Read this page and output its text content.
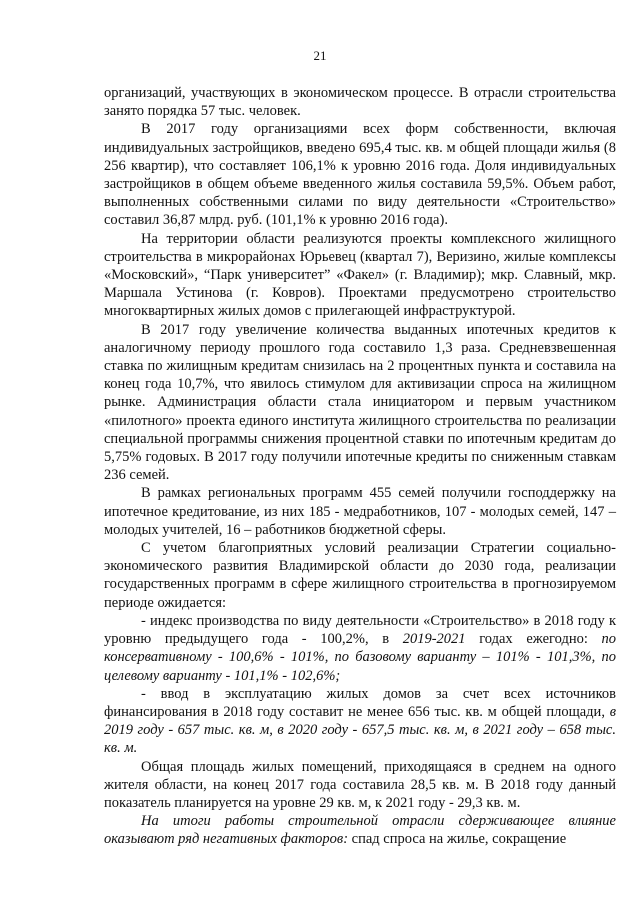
21

организаций, участвующих в экономическом процессе. В отрасли строительства занято порядка 57 тыс. человек.

В 2017 году организациями всех форм собственности, включая индивидуальных застройщиков, введено 695,4 тыс. кв. м общей площади жилья (8 256 квартир), что составляет 106,1% к уровню 2016 года. Доля индивидуальных застройщиков в общем объеме введенного жилья составила 59,5%. Объем работ, выполненных собственными силами по виду деятельности «Строительство» составил 36,87 млрд. руб. (101,1% к уровню 2016 года).

На территории области реализуются проекты комплексного жилищного строительства в микрорайонах Юрьевец (квартал 7), Веризино, жилые комплексы «Московский», “Парк университет” «Факел» (г. Владимир); мкр. Славный, мкр. Маршала Устинова (г. Ковров). Проектами предусмотрено строительство многоквартирных жилых домов с прилегающей инфраструктурой.

В 2017 году увеличение количества выданных ипотечных кредитов к аналогичному периоду прошлого года составило 1,3 раза. Средневзвешенная ставка по жилищным кредитам снизилась на 2 процентных пункта и составила на конец года 10,7%, что явилось стимулом для активизации спроса на жилищном рынке. Администрация области стала инициатором и первым участником «пилотного» проекта единого института жилищного строительства по реализации специальной программы снижения процентной ставки по ипотечным кредитам до 5,75% годовых. В 2017 году получили ипотечные кредиты по сниженным ставкам 236 семей.

В рамках региональных программ 455 семей получили господдержку на ипотечное кредитование, из них 185 - медработников, 107 - молодых семей, 147 – молодых учителей, 16 – работников бюджетной сферы.

С учетом благоприятных условий реализации Стратегии социально-экономического развития Владимирской области до 2030 года, реализации государственных программ в сфере жилищного строительства в прогнозируемом периоде ожидается:

- индекс производства по виду деятельности «Строительство» в 2018 году к уровню предыдущего года - 100,2%, в 2019-2021 годах ежегодно: по консервативному - 100,6% - 101%, по базовому варианту – 101% - 101,3%, по целевому варианту - 101,1% - 102,6%;

- ввод в эксплуатацию жилых домов за счет всех источников финансирования в 2018 году составит не менее 656 тыс. кв. м общей площади, в 2019 году - 657 тыс. кв. м, в 2020 году - 657,5 тыс. кв. м, в 2021 году – 658 тыс. кв. м.

Общая площадь жилых помещений, приходящаяся в среднем на одного жителя области, на конец 2017 года составила 28,5 кв. м. В 2018 году данный показатель планируется на уровне 29 кв. м, к 2021 году - 29,3 кв. м.

На итоги работы строительной отрасли сдерживающее влияние оказывают ряд негативных факторов: спад спроса на жилье, сокращение
